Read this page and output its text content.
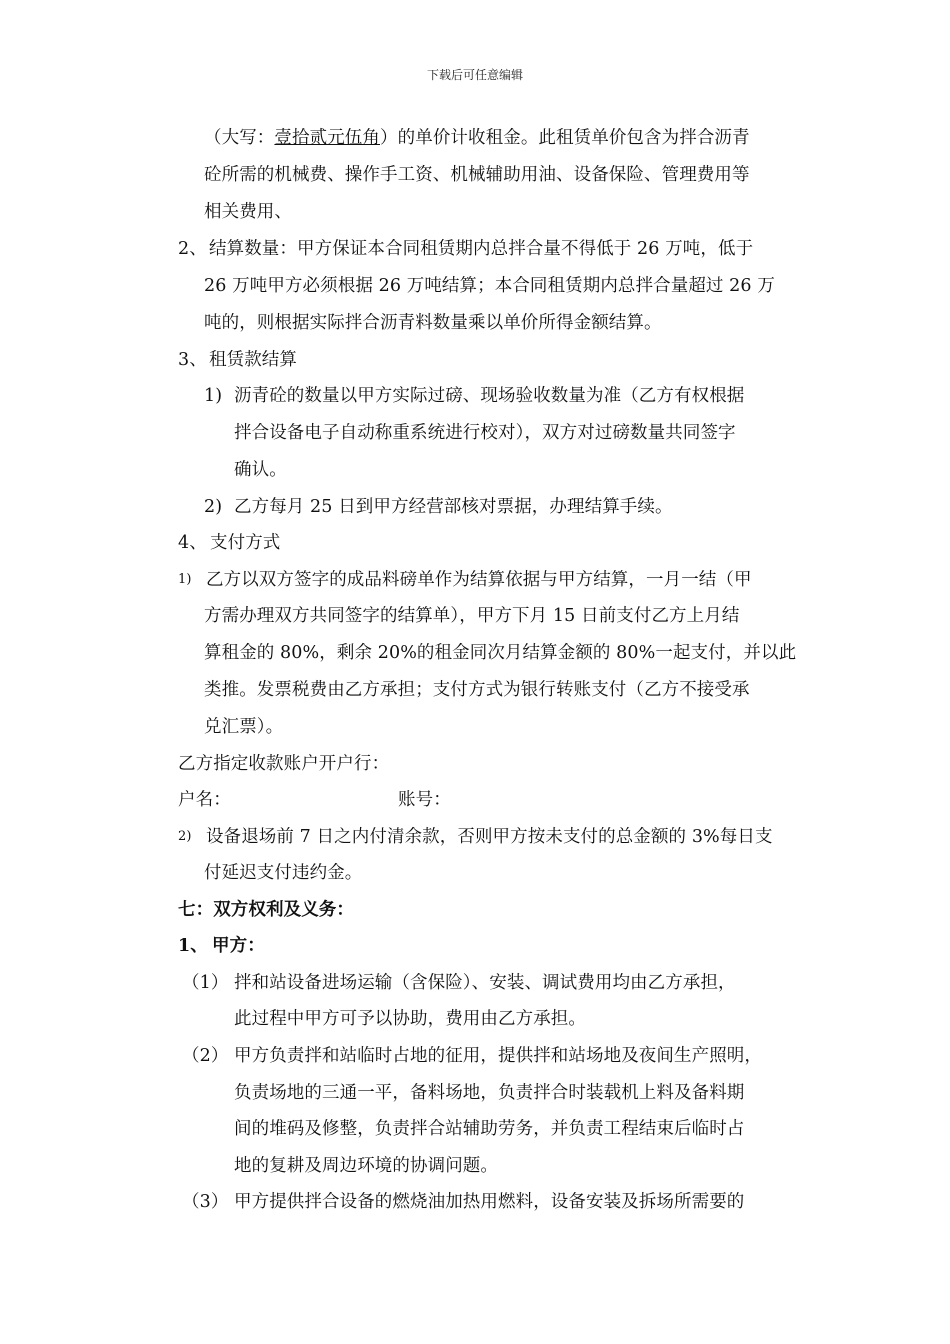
下载后可任意编辑
（大写：壹拾贰元伍角）的单价计收租金。此租赁单价包含为拌合沥青
砼所需的机械费、操作手工资、机械辅助用油、设备保险、管理费用等
相关费用、
2、 结算数量：甲方保证本合同租赁期内总拌合量不得低于 26 万吨，低于
26 万吨甲方必须根据 26 万吨结算；本合同租赁期内总拌合量超过 26 万
吨的，则根据实际拌合沥青料数量乘以单价所得金额结算。
3、 租赁款结算
1) 沥青砼的数量以甲方实际过磅、现场验收数量为准（乙方有权根据
拌合设备电子自动称重系统进行校对），双方对过磅数量共同签字
确认。
2) 乙方每月 25 日到甲方经营部核对票据，办理结算手续。
4、 支付方式
1) 乙方以双方签字的成品料磅单作为结算依据与甲方结算，一月一结（甲
方需办理双方共同签字的结算单），甲方下月 15 日前支付乙方上月结
算租金的 80%，剩余 20%的租金同次月结算金额的 80%一起支付，并以此
类推。发票税费由乙方承担；支付方式为银行转账支付（乙方不接受承
兑汇票）。
乙方指定收款账户开户行：
户名：	账号：
2) 设备退场前 7 日之内付清余款，否则甲方按未支付的总金额的 3%每日支
付延迟支付违约金。
七：双方权利及义务：
1、 甲方：
（1） 拌和站设备进场运输（含保险）、安装、调试费用均由乙方承担，
此过程中甲方可予以协助，费用由乙方承担。
（2） 甲方负责拌和站临时占地的征用，提供拌和站场地及夜间生产照明，
负责场地的三通一平，备料场地，负责拌合时装载机上料及备料期
间的堆码及修整，负责拌合站辅助劳务，并负责工程结束后临时占
地的复耕及周边环境的协调问题。
（3） 甲方提供拌合设备的燃烧油加热用燃料，设备安装及拆场所需要的
